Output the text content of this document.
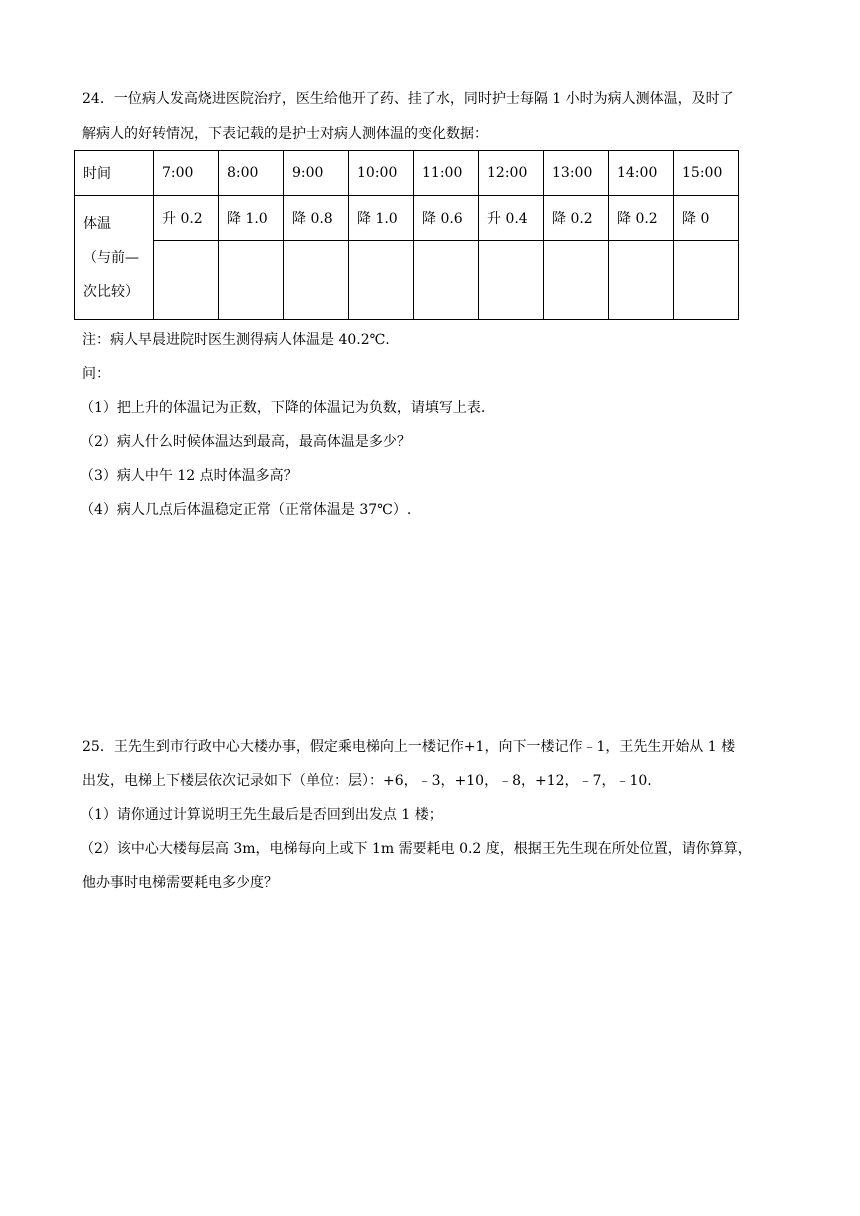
24．一位病人发高烧进医院治疗，医生给他开了药、挂了水，同时护士每隔 1 小时为病人测体温，及时了
解病人的好转情况，下表记载的是护士对病人测体温的变化数据：
时间	7:00	8:00	9:00	10:00	11:00	12:00	13:00	14:00	15:00

体温
（与前—
次比较）	升 0.2	降 1.0	降 0.8	降 1.0	降 0.6	升 0.4	降 0.2	降 0.2	降 0

注：病人早晨进院时医生测得病人体温是 40.2℃.
问：
（1）把上升的体温记为正数，下降的体温记为负数，请填写上表.
（2）病人什么时候体温达到最高，最高体温是多少？
（3）病人中午 12 点时体温多高？
（4）病人几点后体温稳定正常（正常体温是 37℃）.
25．王先生到市行政中心大楼办事，假定乘电梯向上一楼记作+1，向下一楼记作﹣1，王先生开始从 1 楼
出发，电梯上下楼层依次记录如下（单位：层）：+6，﹣3，+10，﹣8，+12，﹣7，﹣10.
（1）请你通过计算说明王先生最后是否回到出发点 1 楼；
（2）该中心大楼每层高 3m，电梯每向上或下 1m 需要耗电 0.2 度，根据王先生现在所处位置，请你算算，
他办事时电梯需要耗电多少度？
